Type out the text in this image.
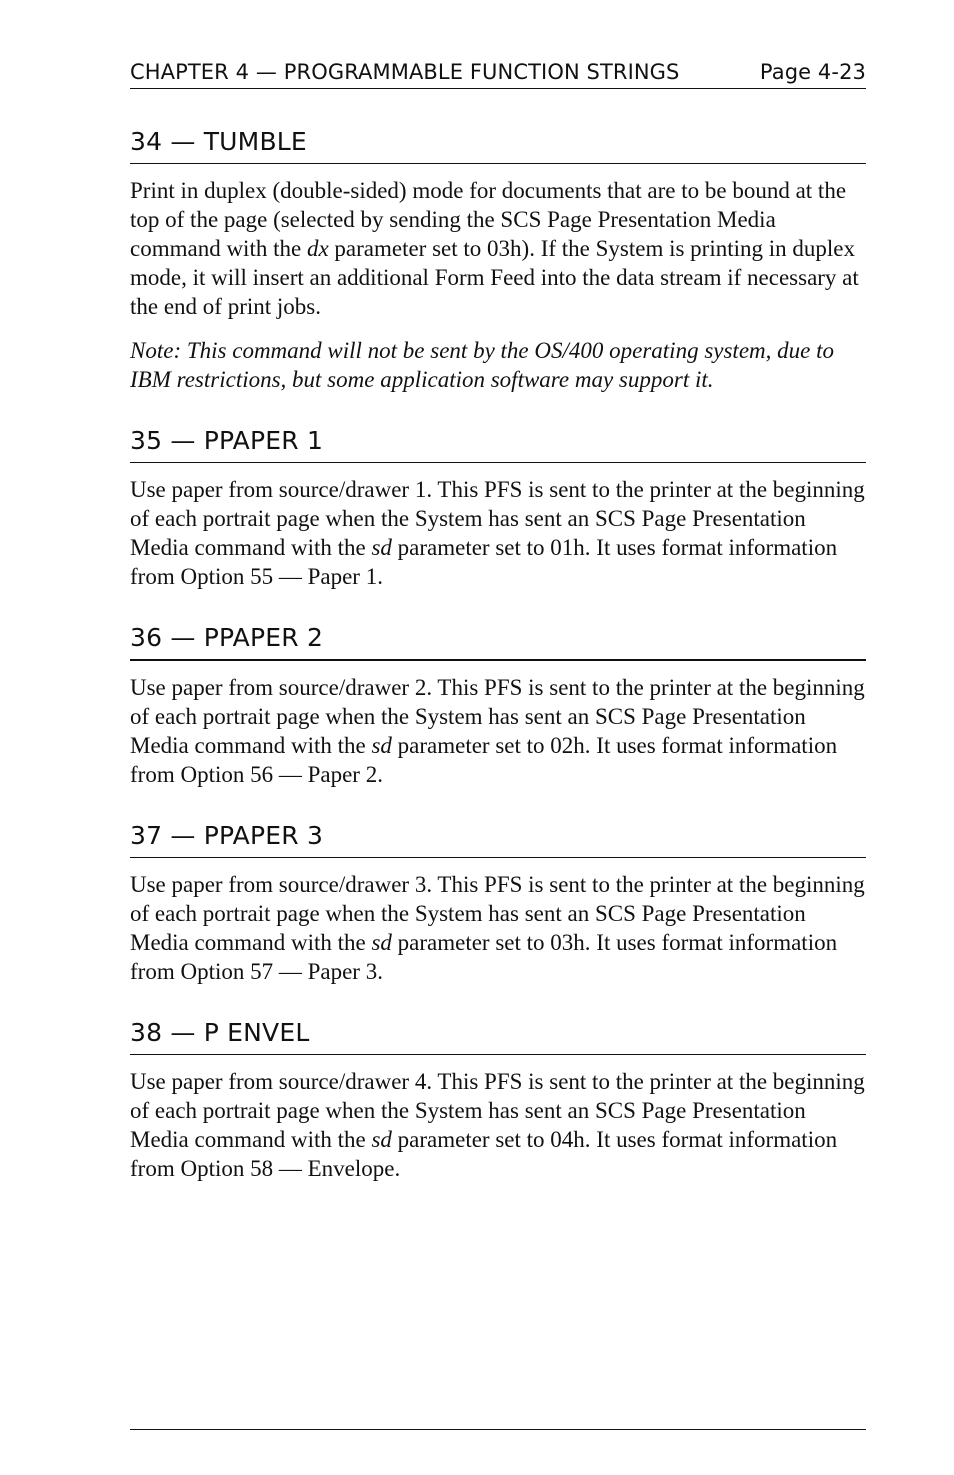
CHAPTER 4 — PROGRAMMABLE FUNCTION STRINGS	Page 4-23
34 — TUMBLE

Print in duplex (double-sided) mode for documents that are to be bound at the top of the page (selected by sending the SCS Page Presentation Media command with the dx parameter set to 03h). If the System is printing in duplex mode, it will insert an additional Form Feed into the data stream if necessary at the end of print jobs.

Note: This command will not be sent by the OS/400 operating system, due to IBM restrictions, but some application software may support it.

35 — PPAPER 1

Use paper from source/drawer 1. This PFS is sent to the printer at the beginning of each portrait page when the System has sent an SCS Page Presentation Media command with the sd parameter set to 01h. It uses format information from Option 55 — Paper 1.

36 — PPAPER 2

Use paper from source/drawer 2. This PFS is sent to the printer at the beginning of each portrait page when the System has sent an SCS Page Presentation Media command with the sd parameter set to 02h. It uses format information from Option 56 — Paper 2.

37 — PPAPER 3

Use paper from source/drawer 3. This PFS is sent to the printer at the beginning of each portrait page when the System has sent an SCS Page Presentation Media command with the sd parameter set to 03h. It uses format information from Option 57 — Paper 3.

38 — P ENVEL

Use paper from source/drawer 4. This PFS is sent to the printer at the beginning of each portrait page when the System has sent an SCS Page Presentation Media command with the sd parameter set to 04h. It uses format information from Option 58 — Envelope.
